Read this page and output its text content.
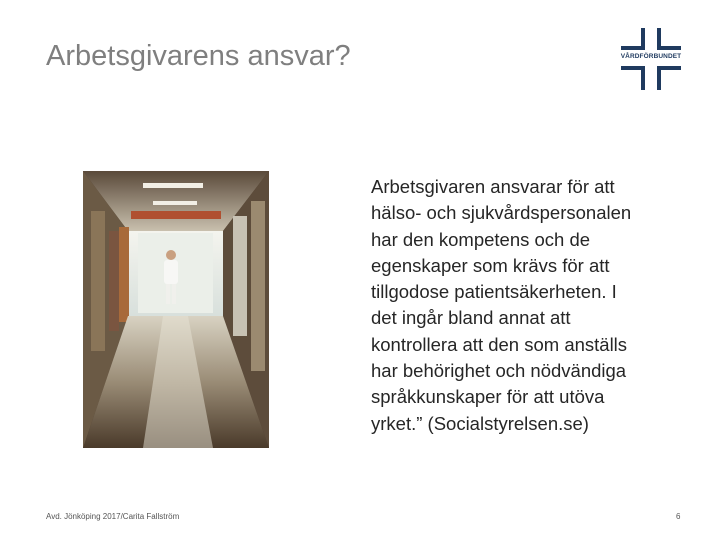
Arbetsgivarens ansvar?	VÅRDFÖRBUNDET
Arbetsgivaren ansvarar för att
hälso- och sjukvårdspersonalen
har den kompetens och de
egenskaper som krävs för att
tillgodose patientsäkerheten. I
det ingår bland annat att
kontrollera att den som anställs
har behörighet och nödvändiga
språkkunskaper för att utöva
yrket.” (Socialstyrelsen.se)
Avd. Jönköping 2017/Carita Fallström	6
